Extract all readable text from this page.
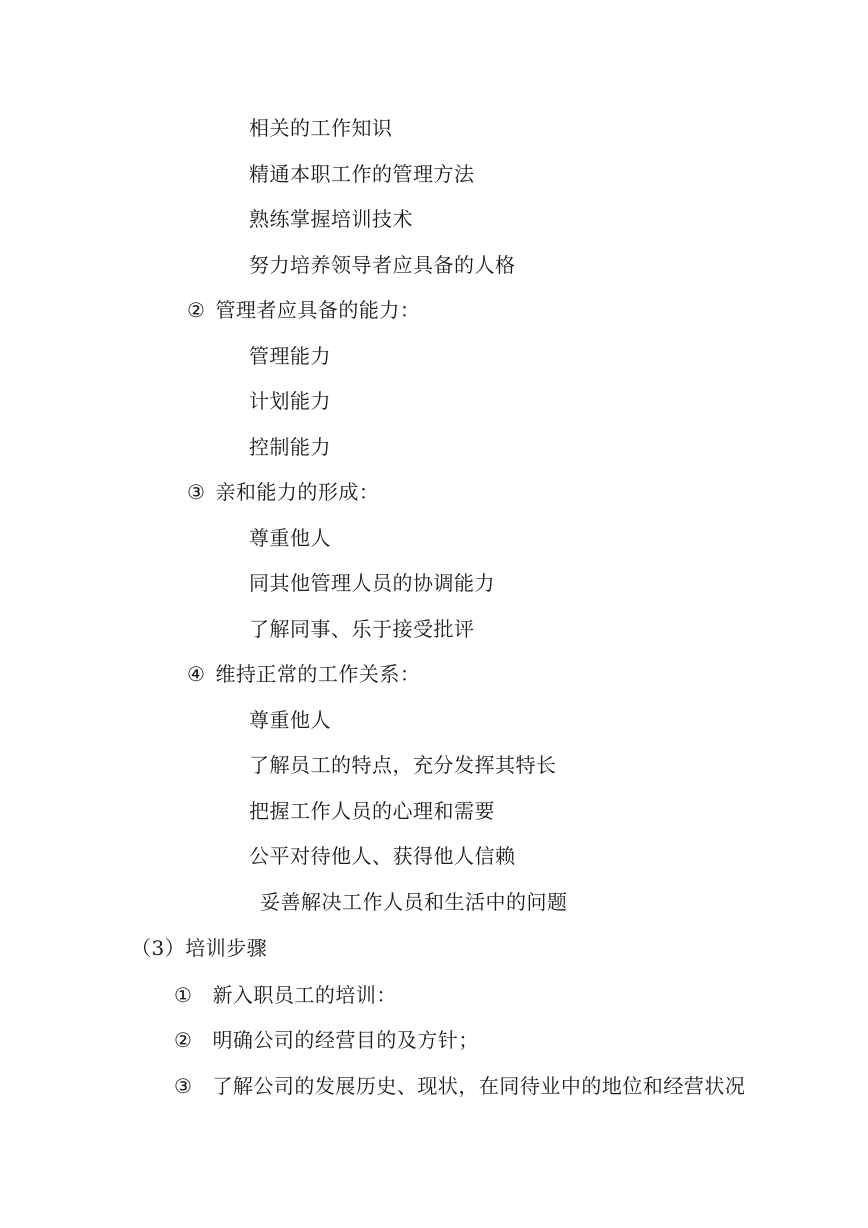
相关的工作知识
精通本职工作的管理方法
熟练掌握培训技术
努力培养领导者应具备的人格
② 管理者应具备的能力：
管理能力
计划能力
控制能力
③ 亲和能力的形成：
尊重他人
同其他管理人员的协调能力
了解同事、乐于接受批评
④ 维持正常的工作关系：
尊重他人
了解员工的特点，充分发挥其特长
把握工作人员的心理和需要
公平对待他人、获得他人信赖
妥善解决工作人员和生活中的问题
（3）培训步骤
① 新入职员工的培训：
② 明确公司的经营目的及方针；
③ 了解公司的发展历史、现状，在同待业中的地位和经营状况
